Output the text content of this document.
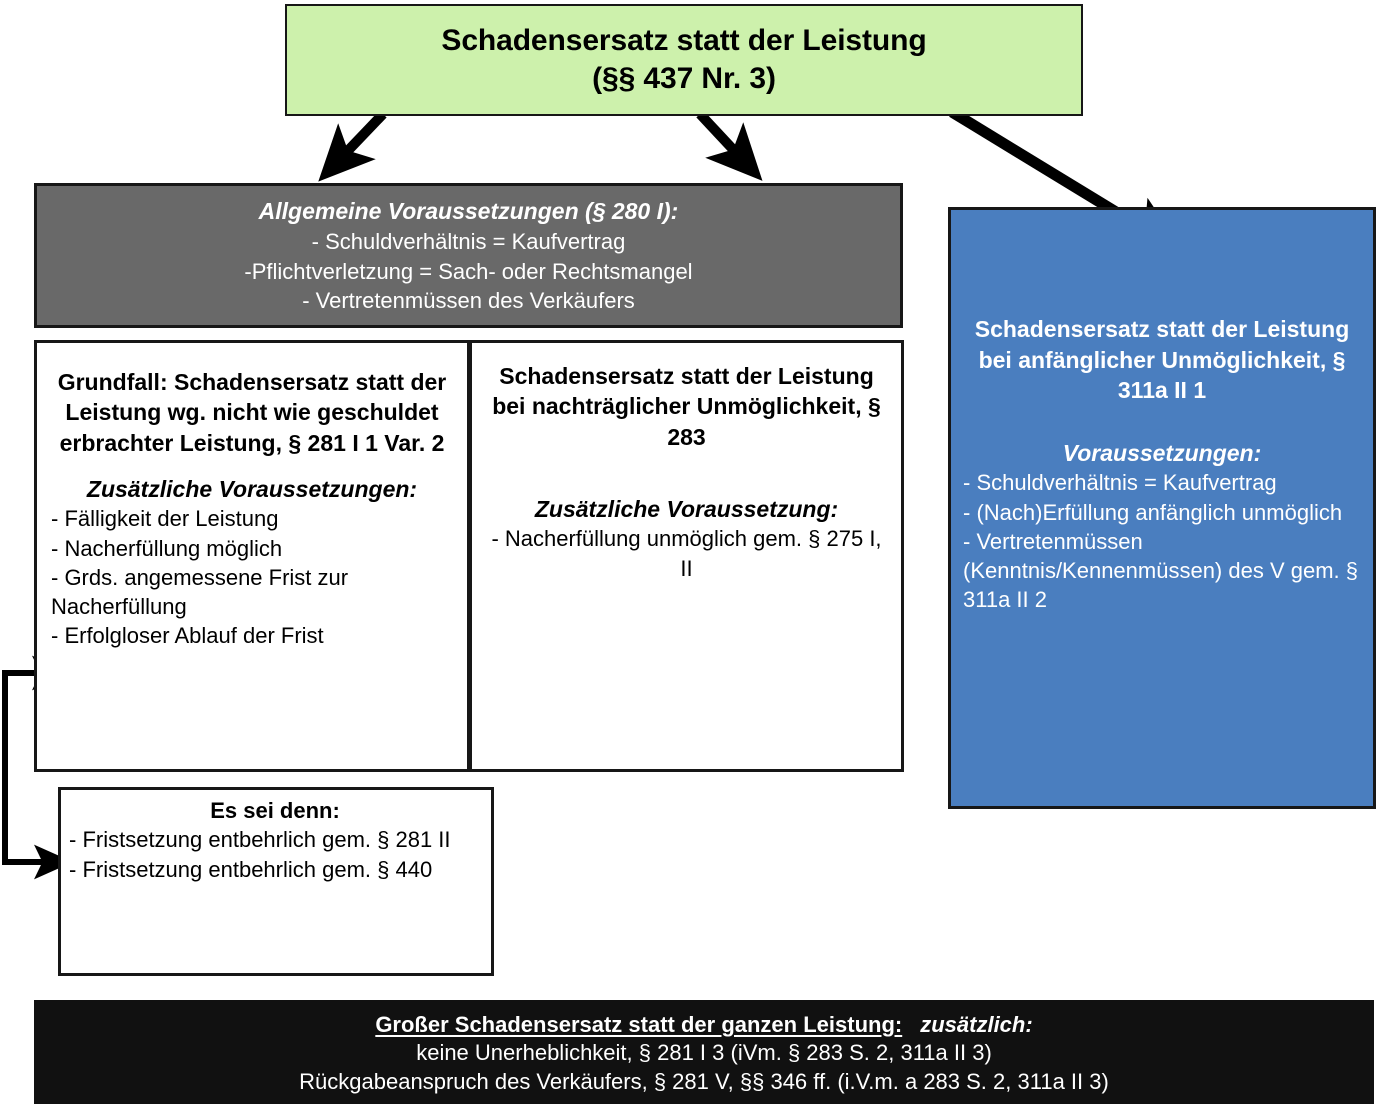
Schadensersatz statt der Leistung
(§§ 437 Nr. 3)
Allgemeine Voraussetzungen (§ 280 I):
- Schuldverhältnis = Kaufvertrag
-Pflichtverletzung = Sach- oder Rechtsmangel
- Vertretenmüssen des Verkäufers
Grundfall: Schadensersatz statt der Leistung wg. nicht wie geschuldet erbrachter Leistung, § 281 I 1 Var. 2
Zusätzliche Voraussetzungen:
- Fälligkeit der Leistung
- Nacherfüllung möglich
- Grds. angemessene Frist zur Nacherfüllung
- Erfolgloser Ablauf der Frist
Schadensersatz statt der Leistung bei nachträglicher Unmöglichkeit, § 283
Zusätzliche Voraussetzung:
- Nacherfüllung unmöglich gem. § 275 I, II
Schadensersatz statt der Leistung bei anfänglicher Unmöglichkeit, § 311a II 1
Voraussetzungen:
- Schuldverhältnis = Kaufvertrag
- (Nach)Erfüllung anfänglich unmöglich
- Vertretenmüssen (Kenntnis/Kennenmüssen) des V gem. § 311a II 2
Es sei denn:
- Fristsetzung entbehrlich gem. § 281 II
- Fristsetzung entbehrlich gem. § 440
Großer Schadensersatz statt der ganzen Leistung: zusätzlich:
keine Unerheblichkeit, § 281 I 3 (iVm. § 283 S. 2, 311a II 3)
Rückgabeanspruch des Verkäufers, § 281 V, §§ 346 ff. (i.V.m. a 283 S. 2, 311a II 3)
